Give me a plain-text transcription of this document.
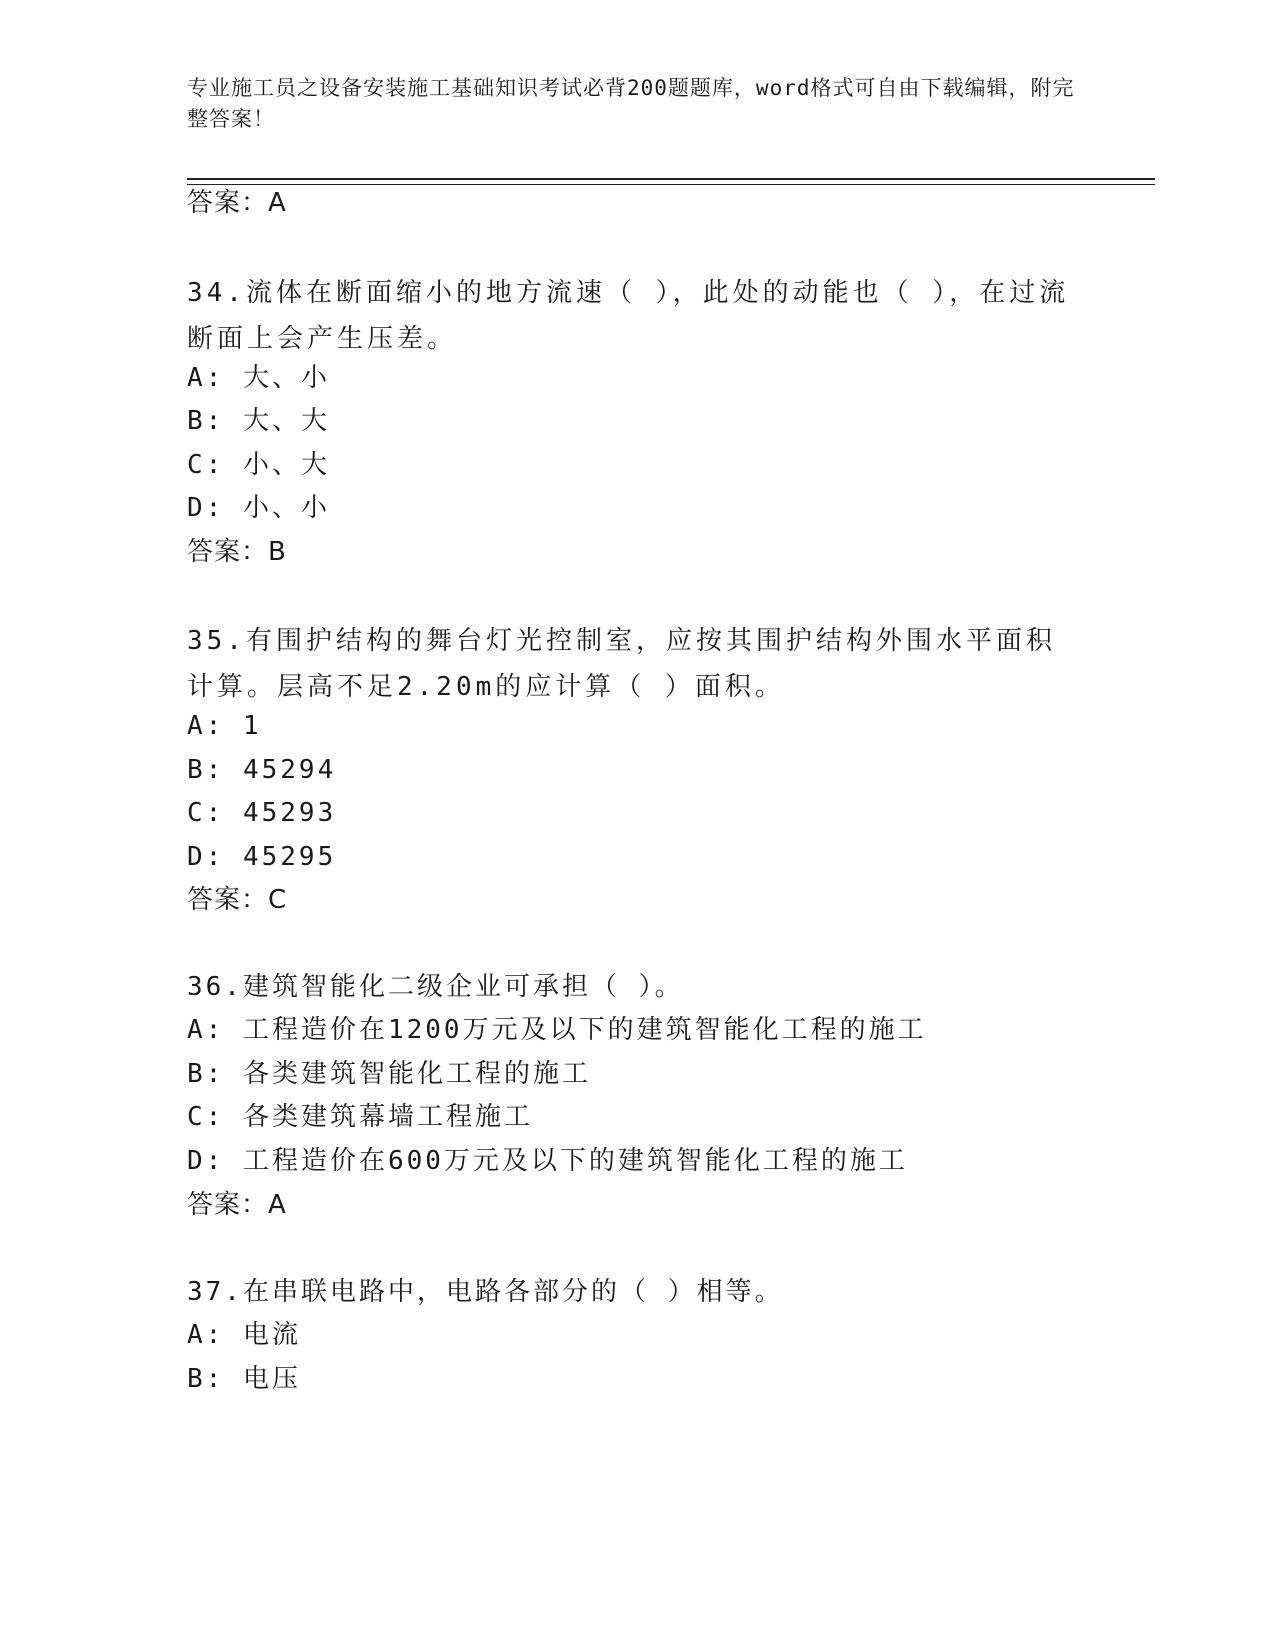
专业施工员之设备安装施工基础知识考试必背200题题库，word格式可自由下载编辑，附完整答案！
答案：A
34.流体在断面缩小的地方流速（ ），此处的动能也（ ），在过流断面上会产生压差。
A: 大、小
B: 大、大
C: 小、大
D: 小、小
答案：B
35.有围护结构的舞台灯光控制室，应按其围护结构外围水平面积计算。层高不足2.20m的应计算（ ）面积。
A: 1
B: 45294
C: 45293
D: 45295
答案：C
36.建筑智能化二级企业可承担（ ）。
A: 工程造价在1200万元及以下的建筑智能化工程的施工
B: 各类建筑智能化工程的施工
C: 各类建筑幕墙工程施工
D: 工程造价在600万元及以下的建筑智能化工程的施工
答案：A
37.在串联电路中，电路各部分的（ ）相等。
A: 电流
B: 电压
